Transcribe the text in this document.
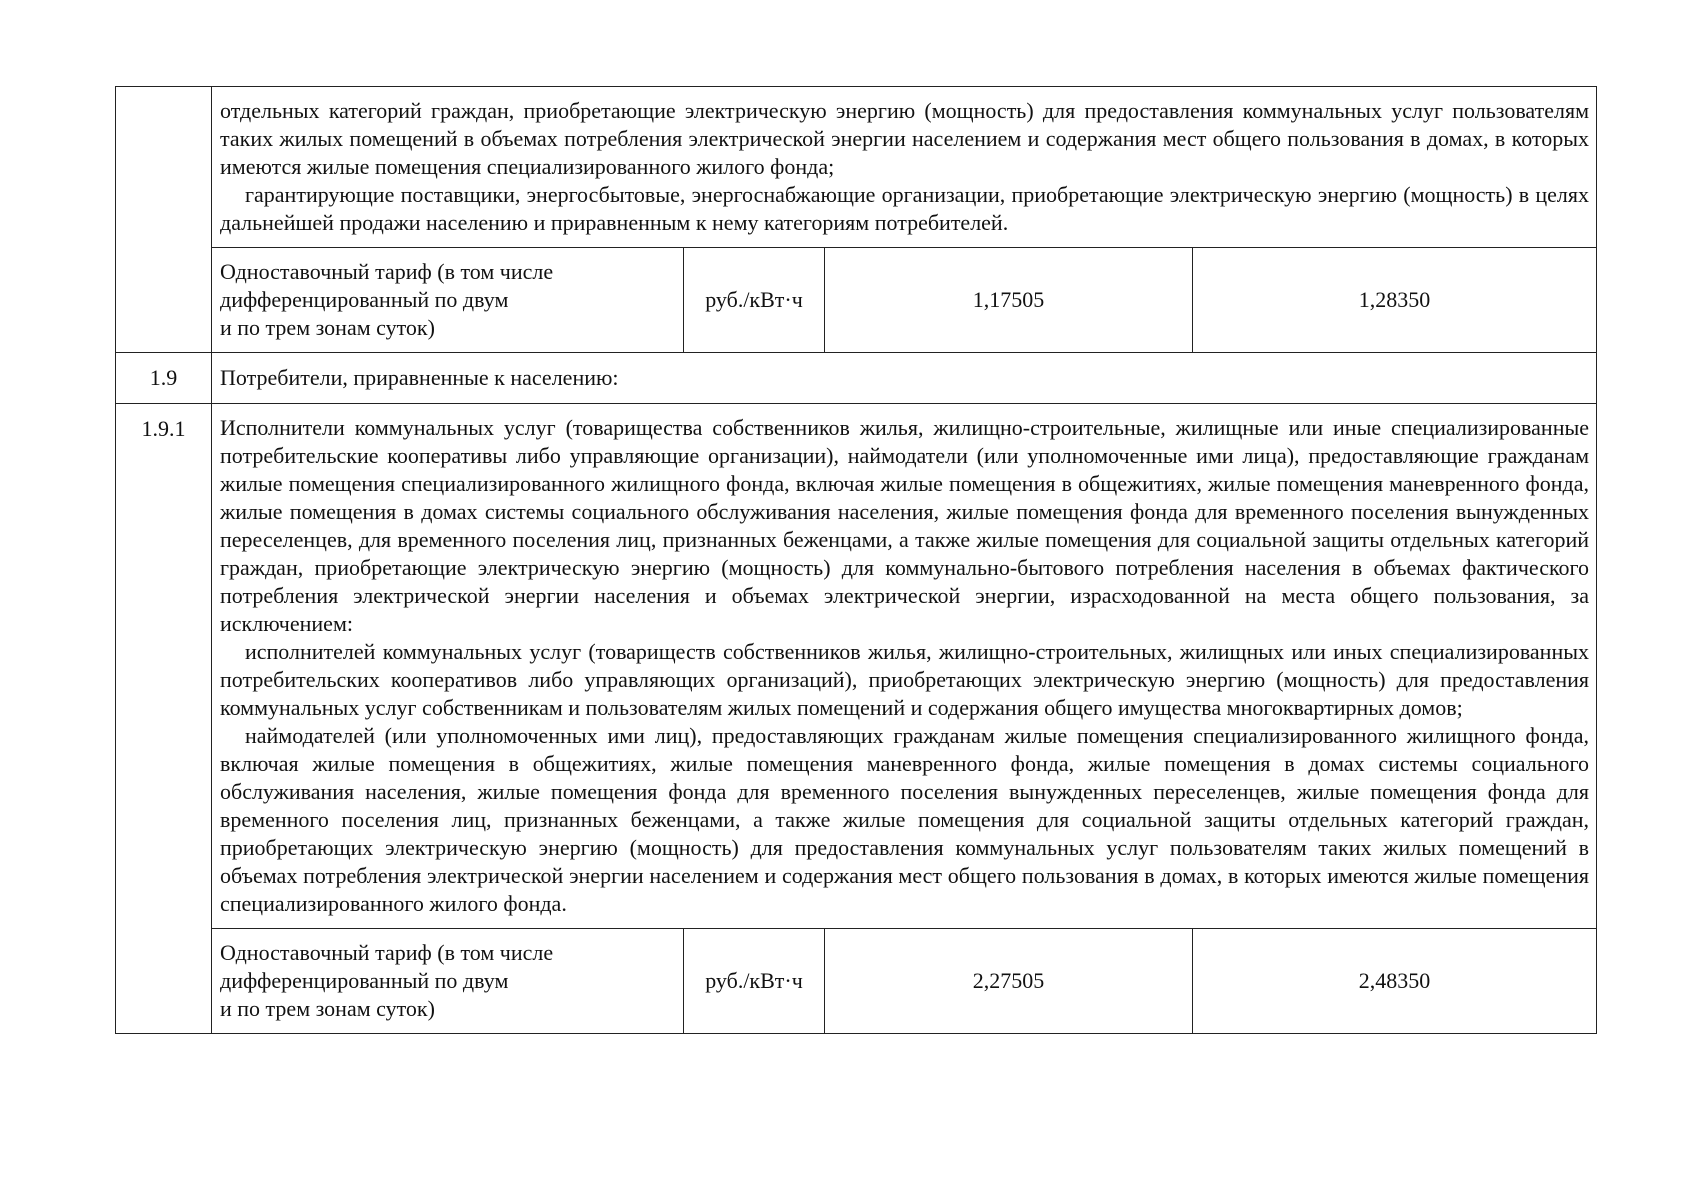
	отдельных категорий граждан, приобретающие электрическую энергию (мощность) для предоставления коммунальных услуг пользователям таких жилых помещений в объемах потребления электрической энергии населением и содержания мест общего пользования в домах, в которых имеются жилые помещения специализированного жилого фонда;

гарантирующие поставщики, энергосбытовые, энергоснабжающие организации, приобретающие электрическую энергию (мощность) в целях дальнейшей продажи населению и приравненным к нему категориям потребителей.			

	Одноставочный тариф (в том числе
дифференцированный по двум
и по трем зонам суток)	руб./кВт·ч	1,17505	1,28350
1.9	Потребители, приравненные к населению:			
1.9.1	Исполнители коммунальных услуг (товарищества собственников жилья, жилищно-строительные, жилищные или иные специализированные потребительские кооперативы либо управляющие организации), наймодатели (или уполномоченные ими лица), предоставляющие гражданам жилые помещения специализированного жилищного фонда, включая жилые помещения в общежитиях, жилые помещения маневренного фонда, жилые помещения в домах системы социального обслуживания населения, жилые помещения фонда для временного поселения вынужденных переселенцев, для временного поселения лиц, признанных беженцами, а также жилые помещения для социальной защиты отдельных категорий граждан, приобретающие электрическую энергию (мощность) для коммунально-бытового потребления населения в объемах фактического потребления электрической энергии населения и объемах электрической энергии, израсходованной на места общего пользования, за исключением:

исполнителей коммунальных услуг (товариществ собственников жилья, жилищно-строительных, жилищных или иных специализированных потребительских кооперативов либо управляющих организаций), приобретающих электрическую энергию (мощность) для предоставления коммунальных услуг собственникам и пользователям жилых помещений и содержания общего имущества многоквартирных домов;

наймодателей (или уполномоченных ими лиц), предоставляющих гражданам жилые помещения специализированного жилищного фонда, включая жилые помещения в общежитиях, жилые помещения маневренного фонда, жилые помещения в домах системы социального обслуживания населения, жилые помещения фонда для временного поселения вынужденных переселенцев, жилые помещения фонда для временного поселения лиц, признанных беженцами, а также жилые помещения для социальной защиты отдельных категорий граждан, приобретающих электрическую энергию (мощность) для предоставления коммунальных услуг пользователям таких жилых помещений в объемах потребления электрической энергии населением и содержания мест общего пользования в домах, в которых имеются жилые помещения специализированного жилого фонда.			

	Одноставочный тариф (в том числе
дифференцированный по двум
и по трем зонам суток)	руб./кВт·ч	2,27505	2,48350
